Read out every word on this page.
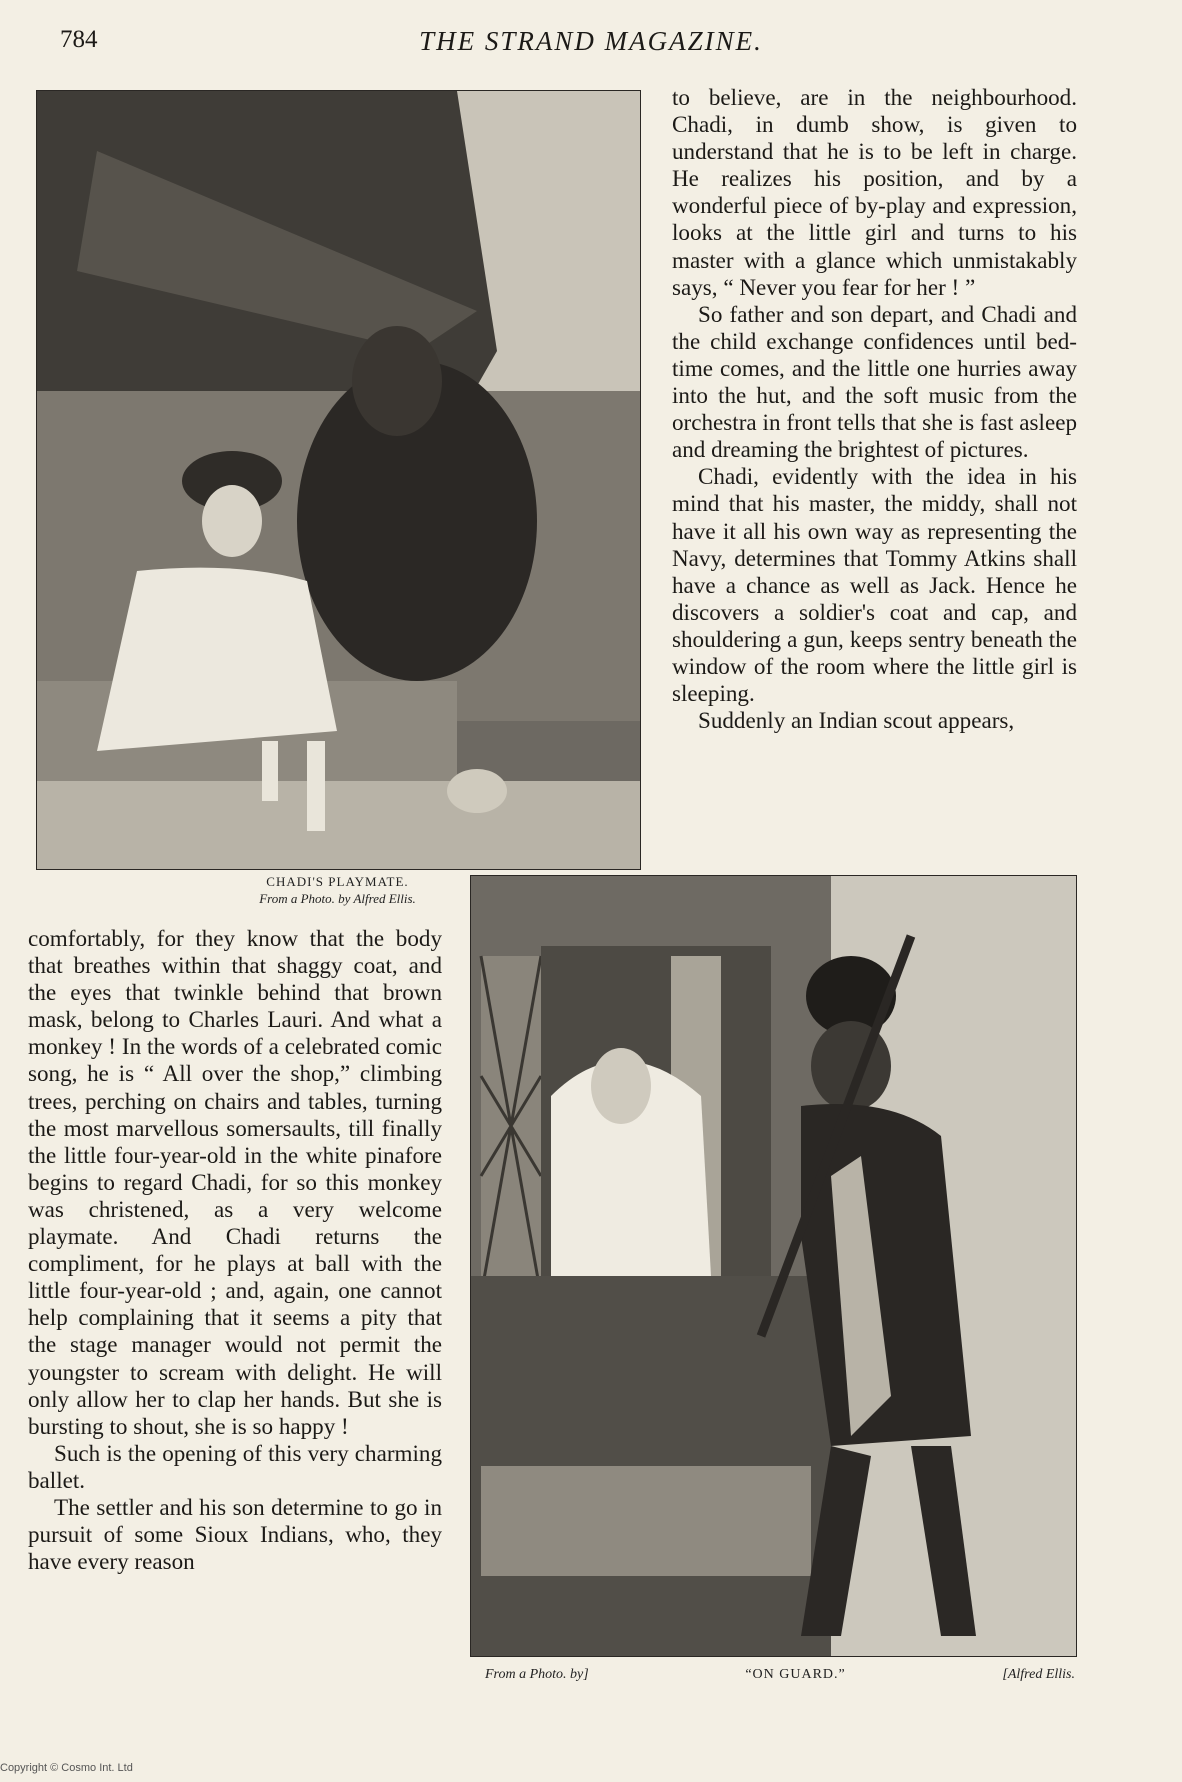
784	THE STRAND MAGAZINE.
CHADI'S PLAYMATE.
From a Photo. by Alfred Ellis.

to believe, are in the neighbourhood. Chadi, in dumb show, is given to understand that he is to be left in charge. He realizes his position, and by a wonderful piece of by-play and expression, looks at the little girl and turns to his master with a glance which unmistakably says, “ Never you fear for her ! ”

So father and son depart, and Chadi and the child exchange confidences until bed-time comes, and the little one hurries away into the hut, and the soft music from the orchestra in front tells that she is fast asleep and dreaming the brightest of pictures.

Chadi, evidently with the idea in his mind that his master, the middy, shall not have it all his own way as representing the Navy, determines that Tommy Atkins shall have a chance as well as Jack. Hence he discovers a soldier's coat and cap, and shouldering a gun, keeps sentry beneath the window of the room where the little girl is sleeping.

Suddenly an Indian scout appears,

From a Photo. by]	“ON GUARD.”	[Alfred Ellis.

comfortably, for they know that the body that breathes within that shaggy coat, and the eyes that twinkle behind that brown mask, belong to Charles Lauri. And what a monkey ! In the words of a celebrated comic song, he is “ All over the shop,” climbing trees, perching on chairs and tables, turning the most marvellous somersaults, till finally the little four-year-old in the white pinafore begins to regard Chadi, for so this monkey was christened, as a very welcome playmate. And Chadi returns the compliment, for he plays at ball with the little four-year-old ; and, again, one cannot help complaining that it seems a pity that the stage manager would not permit the youngster to scream with delight. He will only allow her to clap her hands. But she is bursting to shout, she is so happy !

Such is the opening of this very charming ballet.

The settler and his son determine to go in pursuit of some Sioux Indians, who, they have every reason

Copyright © Cosmo Int. Ltd
